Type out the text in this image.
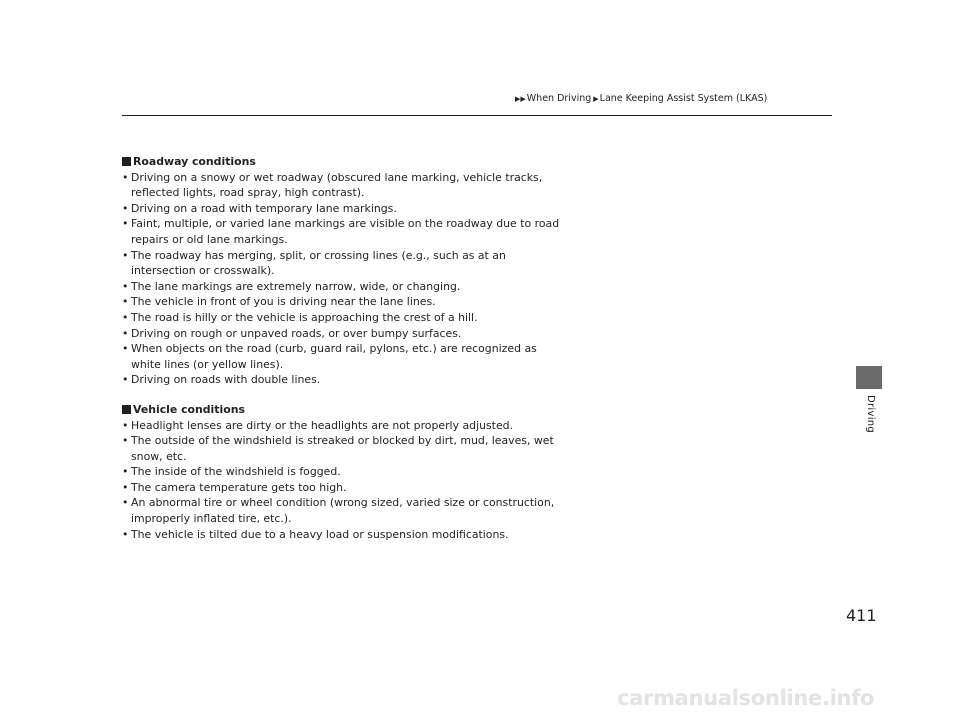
▶▶ When Driving ▶ Lane Keeping Assist System (LKAS)
Roadway conditions
• Driving on a snowy or wet roadway (obscured lane marking, vehicle tracks, reflected lights, road spray, high contrast).
• Driving on a road with temporary lane markings.
• Faint, multiple, or varied lane markings are visible on the roadway due to road repairs or old lane markings.
• The roadway has merging, split, or crossing lines (e.g., such as at an intersection or crosswalk).
• The lane markings are extremely narrow, wide, or changing.
• The vehicle in front of you is driving near the lane lines.
• The road is hilly or the vehicle is approaching the crest of a hill.
• Driving on rough or unpaved roads, or over bumpy surfaces.
• When objects on the road (curb, guard rail, pylons, etc.) are recognized as white lines (or yellow lines).
• Driving on roads with double lines.
Vehicle conditions
• Headlight lenses are dirty or the headlights are not properly adjusted.
• The outside of the windshield is streaked or blocked by dirt, mud, leaves, wet snow, etc.
• The inside of the windshield is fogged.
• The camera temperature gets too high.
• An abnormal tire or wheel condition (wrong sized, varied size or construction, improperly inflated tire, etc.).
• The vehicle is tilted due to a heavy load or suspension modifications.
Driving
411
carmanualsonline.info
